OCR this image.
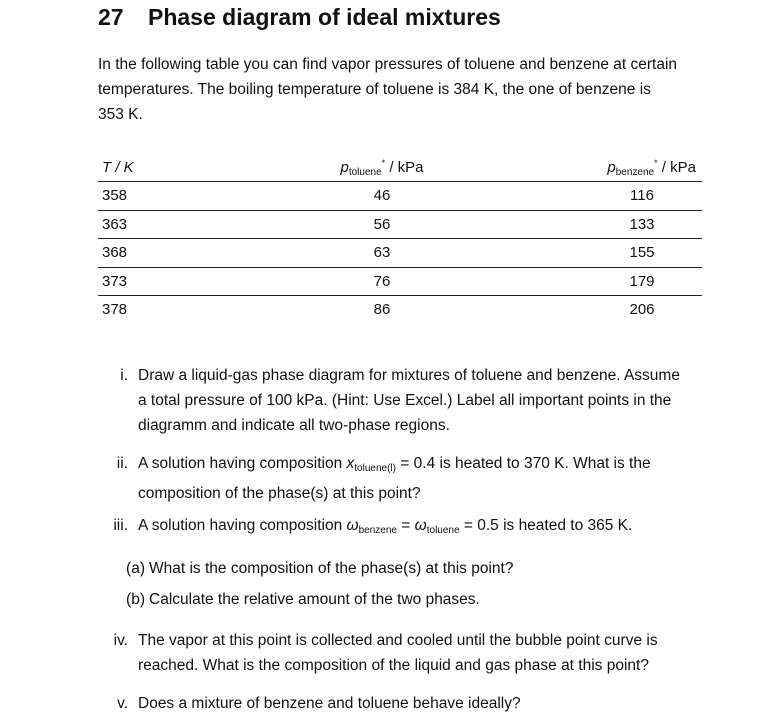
27 Phase diagram of ideal mixtures
In the following table you can find vapor pressures of toluene and benzene at certain
temperatures. The boiling temperature of toluene is 384 K, the one of benzene is
353 K.
T / K	$p_{toluene}^*$ / kPa	$p_{benzene}^*$ / kPa
358	46	116
363	56	133
368	63	155
373	76	179
378	86	206
i. Draw a liquid-gas phase diagram for mixtures of toluene and benzene. Assume
a total pressure of 100 kPa. (Hint: Use Excel.) Label all important points in the
diagramm and indicate all two-phase regions.
ii. A solution having composition $x_{toluene(l)} = 0.4$ is heated to 370 K. What is the
composition of the phase(s) at this point?
iii. A solution having composition $\omega_{benzene} = \omega_{toluene} = 0.5$ is heated to 365 K.
(a) What is the composition of the phase(s) at this point?
(b) Calculate the relative amount of the two phases.
iv. The vapor at this point is collected and cooled until the bubble point curve is
reached. What is the composition of the liquid and gas phase at this point?
v. Does a mixture of benzene and toluene behave ideally?
